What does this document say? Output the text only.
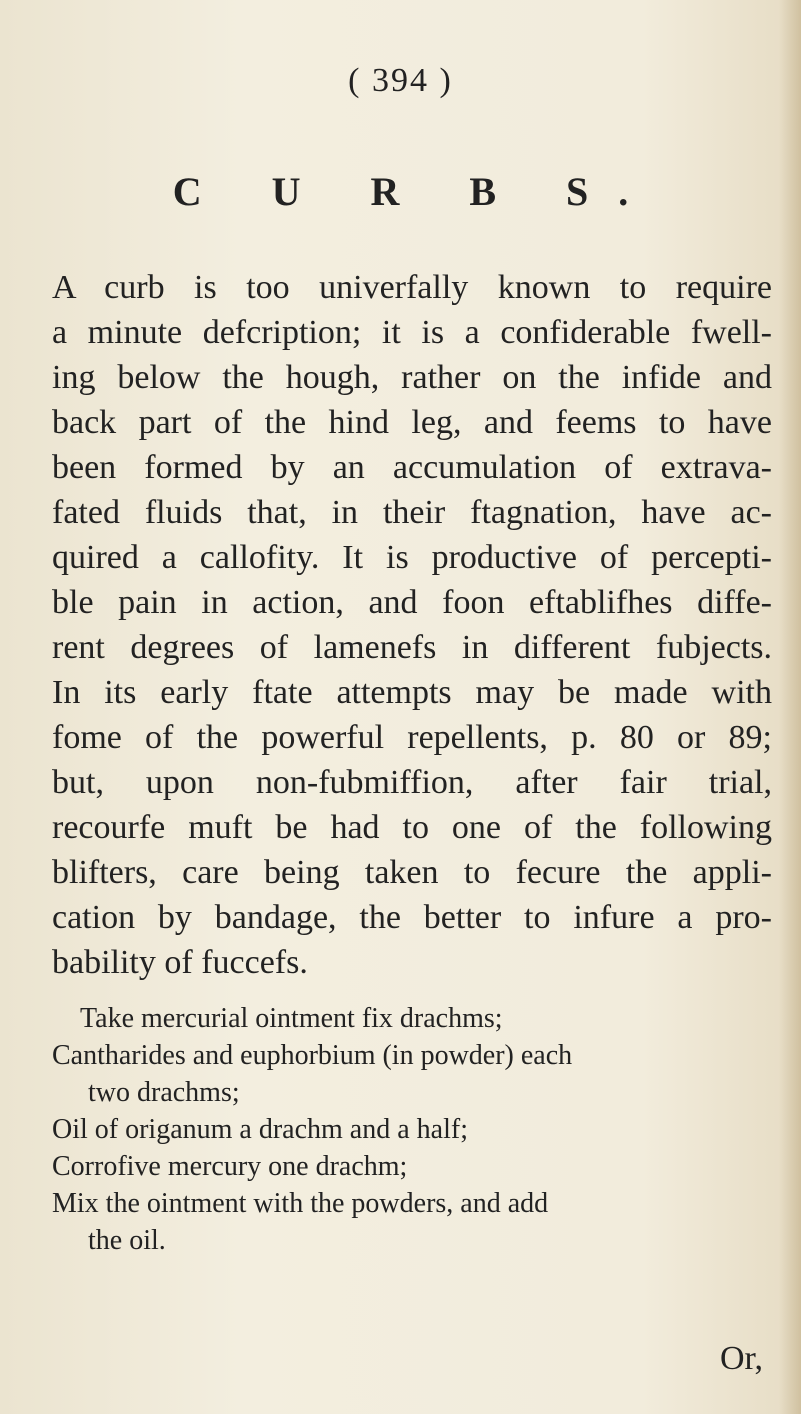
( 394 )
C U R B S.
A curb is too univerfally known to require
a minute defcription; it is a confiderable fwell-
ing below the hough, rather on the infide and
back part of the hind leg, and feems to have
been formed by an accumulation of extrava-
fated fluids that, in their ftagnation, have ac-
quired a callofity. It is productive of percepti-
ble pain in action, and foon eftablifhes diffe-
rent degrees of lamenefs in different fubjects.
In its early ftate attempts may be made with
fome of the powerful repellents, p. 80 or 89;
but, upon non-fubmiffion, after fair trial,
recourfe muft be had to one of the following
blifters, care being taken to fecure the appli-
cation by bandage, the better to infure a pro-
bability of fuccefs.
Take mercurial ointment fix drachms;
Cantharides and euphorbium (in powder) each
two drachms;
Oil of origanum a drachm and a half;
Corrofive mercury one drachm;
Mix the ointment with the powders, and add
the oil.
Or,
